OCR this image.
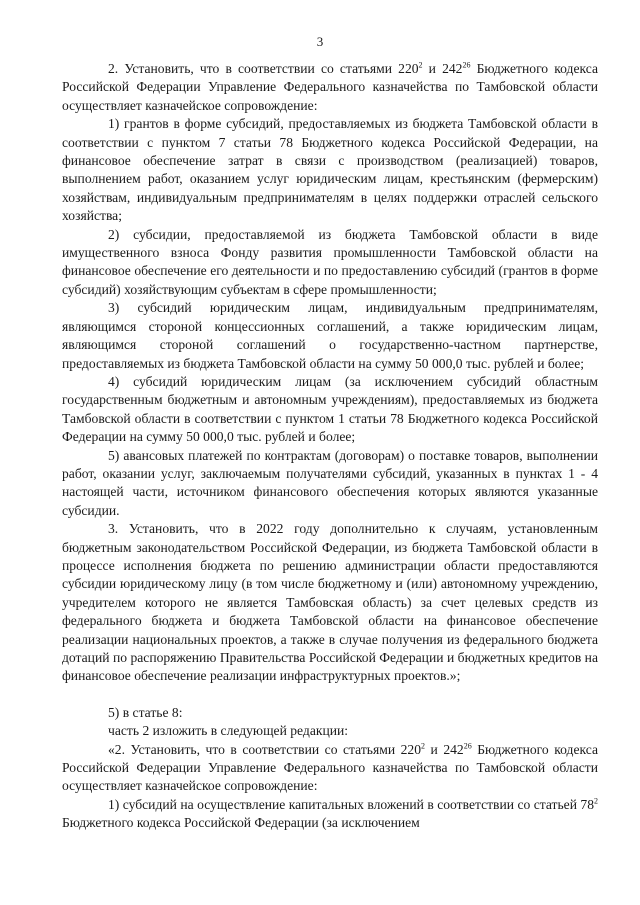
3

2. Установить, что в соответствии со статьями $220^2$ и $242^{26}$ Бюджетного кодекса Российской Федерации Управление Федерального казначейства по Тамбовской области осуществляет казначейское сопровождение:

1) грантов в форме субсидий, предоставляемых из бюджета Тамбовской области в соответствии с пунктом 7 статьи 78 Бюджетного кодекса Российской Федерации, на финансовое обеспечение затрат в связи с производством (реализацией) товаров, выполнением работ, оказанием услуг юридическим лицам, крестьянским (фермерским) хозяйствам, индивидуальным предпринимателям в целях поддержки отраслей сельского хозяйства;

2) субсидии, предоставляемой из бюджета Тамбовской области в виде имущественного взноса Фонду развития промышленности Тамбовской области на финансовое обеспечение его деятельности и по предоставлению субсидий (грантов в форме субсидий) хозяйствующим субъектам в сфере промышленности;

3) субсидий юридическим лицам, индивидуальным предпринимателям, являющимся стороной концессионных соглашений, а также юридическим лицам, являющимся стороной соглашений о государственно-частном партнерстве, предоставляемых из бюджета Тамбовской области на сумму 50 000,0 тыс. рублей и более;

4) субсидий юридическим лицам (за исключением субсидий областным государственным бюджетным и автономным учреждениям), предоставляемых из бюджета Тамбовской области в соответствии с пунктом 1 статьи 78 Бюджетного кодекса Российской Федерации на сумму 50 000,0 тыс. рублей и более;

5) авансовых платежей по контрактам (договорам) о поставке товаров, выполнении работ, оказании услуг, заключаемым получателями субсидий, указанных в пунктах 1 - 4 настоящей части, источником финансового обеспечения которых являются указанные субсидии.

3. Установить, что в 2022 году дополнительно к случаям, установленным бюджетным законодательством Российской Федерации, из бюджета Тамбовской области в процессе исполнения бюджета по решению администрации области предоставляются субсидии юридическому лицу (в том числе бюджетному и (или) автономному учреждению, учредителем которого не является Тамбовская область) за счет целевых средств из федерального бюджета и бюджета Тамбовской области на финансовое обеспечение реализации национальных проектов, а также в случае получения из федерального бюджета дотаций по распоряжению Правительства Российской Федерации и бюджетных кредитов на финансовое обеспечение реализации инфраструктурных проектов.»;

5) в статье 8:

часть 2 изложить в следующей редакции:

«2. Установить, что в соответствии со статьями $220^2$ и $242^{26}$ Бюджетного кодекса Российской Федерации Управление Федерального казначейства по Тамбовской области осуществляет казначейское сопровождение:

1) субсидий на осуществление капитальных вложений в соответствии со статьей $78^2$ Бюджетного кодекса Российской Федерации (за исключением
